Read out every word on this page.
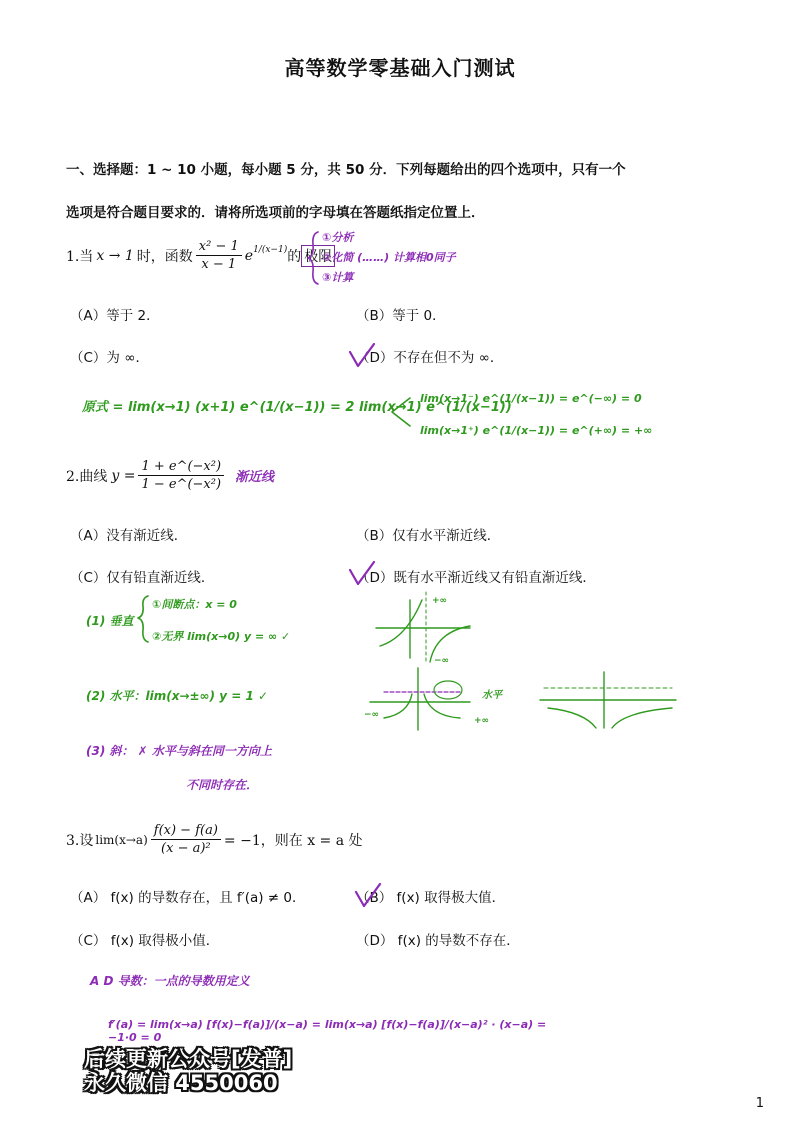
高等数学零基础入门测试
一、选择题：1 ~ 10 小题，每小题 5 分，共 50 分．下列每题给出的四个选项中，只有一个
选项是符合题目要求的．请将所选项前的字母填在答题纸指定位置上．
1.当 x → 1 时，函数 $\frac{\text{x² − 1}}{x - 1} e^{1/(x-1)}$ 的 极限
①分析
②化简 (……) 计算相0同子
③计算
（A）等于 2．	（B）等于 0．
（C）为 ∞．	（D）不存在但不为 ∞．
原式 = lim(x→1) (x+1) e^(1/(x−1)) = 2 lim(x→1) e^(1/(x−1))
lim(x→1⁻) e^(1/(x−1)) = e^(−∞) = 0
lim(x→1⁺) e^(1/(x−1)) = e^(+∞) = +∞
2.曲线 $y = \frac{\text{1 + e\textasciicircum{}(−x²)}}{\text{1 − e\textasciicircum{}(−x²)}}$ 渐近线
（A）没有渐近线．	（B）仅有水平渐近线．
（C）仅有铅直渐近线．	（D）既有水平渐近线又有铅直渐近线．
(1) 垂直
①间断点：x = 0
②无界 lim(x→0) y = ∞ ✓
(2) 水平：lim(x→±∞) y = 1 ✓
(3) 斜： ✗ 水平与斜在同一方向上
不同时存在．
+∞
−∞
水平
−∞
+∞
3.设 $\lim(x\to a) \frac{f(x) - f(a)}{\text{(x − a)²}} = -1$，则在 x = a 处
（A） f(x) 的导数存在，且 f′(a) ≠ 0．	（B） f(x) 取得极大值．
（C） f(x) 取得极小值．	（D） f(x) 的导数不存在．
A D 导数：一点的导数用定义
f′(a) = lim(x→a) [f(x)−f(a)]/(x−a) = lim(x→a) [f(x)−f(a)]/(x−a)² · (x−a) = −1·0 = 0
后续更新公众号[发普]
永久微信 4550060
1
